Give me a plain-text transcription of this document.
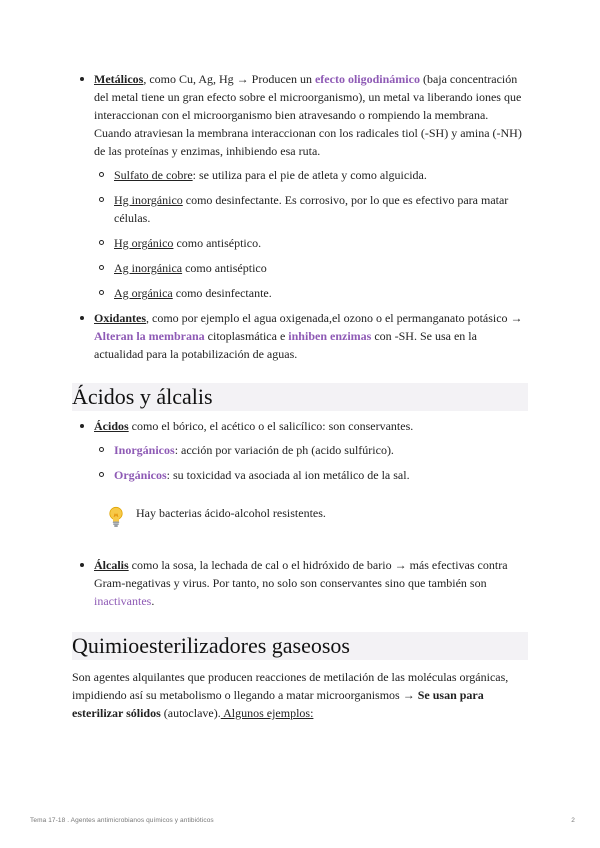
Metálicos, como Cu, Ag, Hg → Producen un efecto oligodinámico (baja concentración del metal tiene un gran efecto sobre el microorganismo), un metal va liberando iones que interaccionan con el microorganismo bien atravesando o rompiendo la membrana. Cuando atraviesan la membrana interaccionan con los radicales tiol (-SH) y amina (-NH) de las proteínas y enzimas, inhibiendo esa ruta.
Sulfato de cobre: se utiliza para el pie de atleta y como alguicida.
Hg inorgánico como desinfectante. Es corrosivo, por lo que es efectivo para matar células.
Hg orgánico como antiséptico.
Ag inorgánica como antiséptico
Ag orgánica como desinfectante.
Oxidantes, como por ejemplo el agua oxigenada,el ozono o el permanganato potásico → Alteran la membrana citoplasmática e inhiben enzimas con -SH. Se usa en la actualidad para la potabilización de aguas.
Ácidos y álcalis
Ácidos como el bórico, el acético o el salicílico: son conservantes.
Inorgánicos: acción por variación de ph (acido sulfúrico).
Orgánicos: su toxicidad va asociada al ion metálico de la sal.
Hay bacterias ácido-alcohol resistentes.
Álcalis como la sosa, la lechada de cal o el hidróxido de bario → más efectivas contra Gram-negativas y virus. Por tanto, no solo son conservantes sino que también son inactivantes.
Quimioesterilizadores gaseosos

Son agentes alquilantes que producen reacciones de metilación de las moléculas orgánicas, impidiendo así su metabolismo o llegando a matar microorganismos → Se usan para esterilizar sólidos (autoclave). Algunos ejemplos:

Tema 17-18 . Agentes antimicrobianos químicos y antibióticos	2
